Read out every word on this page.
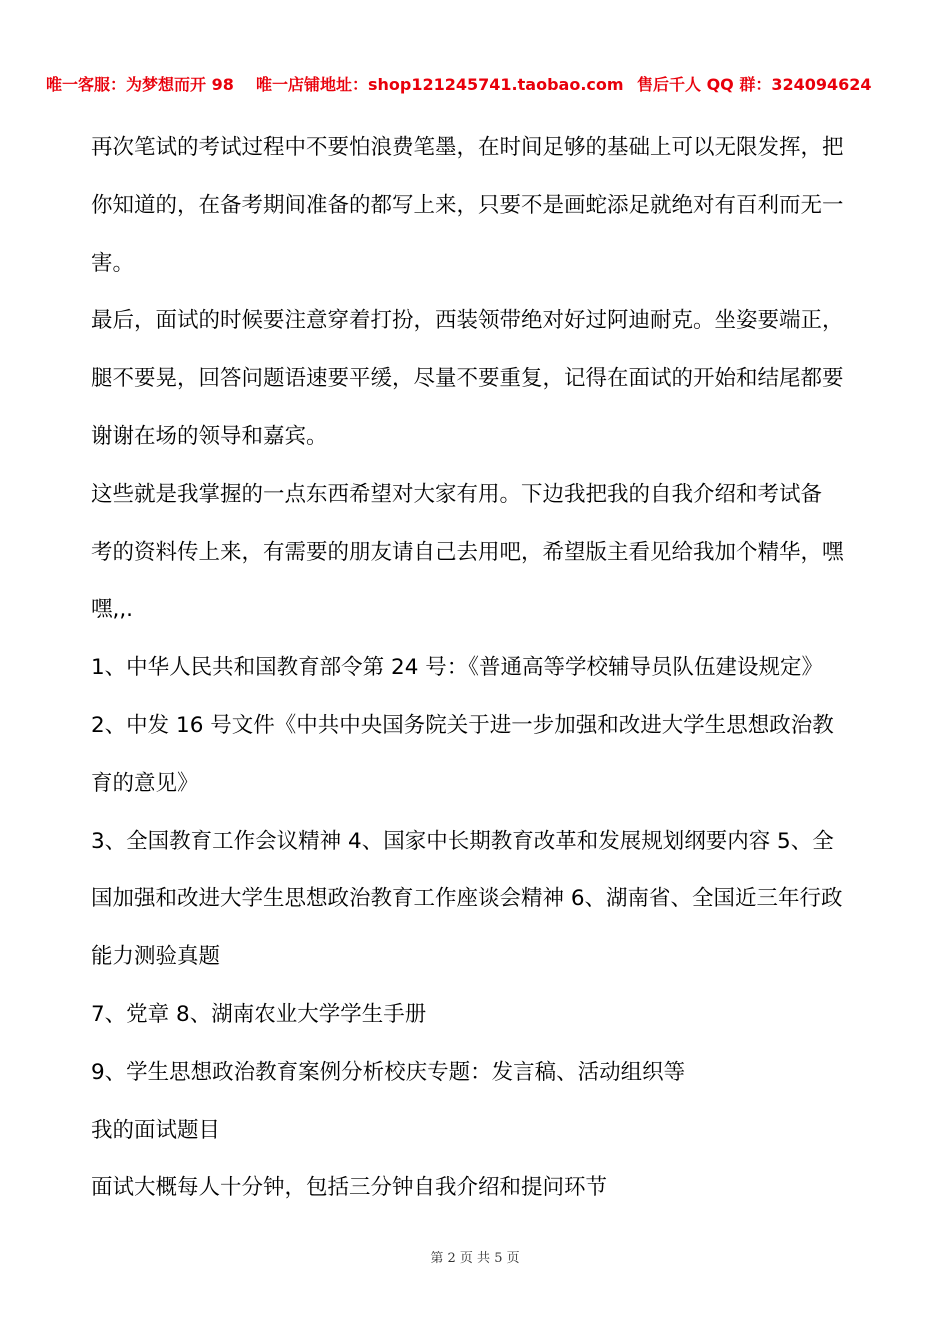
唯一客服：为梦想而开 98 唯一店铺地址：shop121245741.taobao.com 售后千人 QQ 群：324094624
再次笔试的考试过程中不要怕浪费笔墨，在时间足够的基础上可以无限发挥，把
你知道的，在备考期间准备的都写上来，只要不是画蛇添足就绝对有百利而无一
害。
最后，面试的时候要注意穿着打扮，西装领带绝对好过阿迪耐克。坐姿要端正，
腿不要晃，回答问题语速要平缓，尽量不要重复，记得在面试的开始和结尾都要
谢谢在场的领导和嘉宾。
这些就是我掌握的一点东西希望对大家有用。下边我把我的自我介绍和考试备
考的资料传上来，有需要的朋友请自己去用吧，希望版主看见给我加个精华，嘿
嘿,,.
1、中华人民共和国教育部令第 24 号：《普通高等学校辅导员队伍建设规定》
2、中发 16 号文件《中共中央国务院关于进一步加强和改进大学生思想政治教
育的意见》
3、全国教育工作会议精神 4、国家中长期教育改革和发展规划纲要内容 5、全
国加强和改进大学生思想政治教育工作座谈会精神 6、湖南省、全国近三年行政
能力测验真题
7、党章 8、湖南农业大学学生手册
9、学生思想政治教育案例分析校庆专题：发言稿、活动组织等
我的面试题目
面试大概每人十分钟，包括三分钟自我介绍和提问环节
第 2 页 共 5 页
